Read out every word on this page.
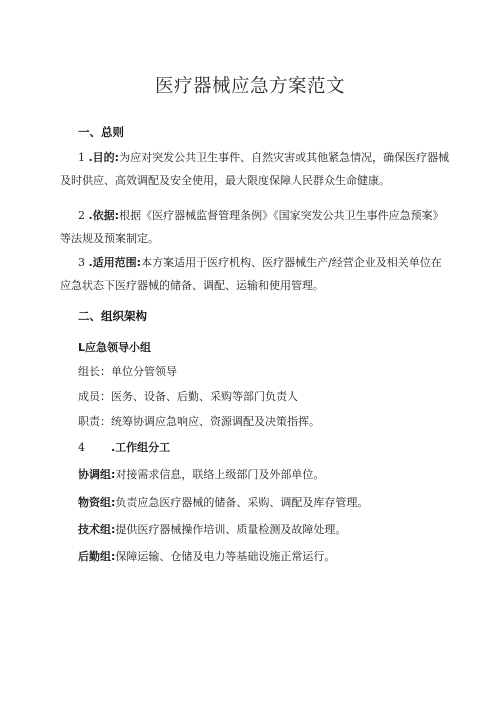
医疗器械应急方案范文
一、总则
1 .目的:为应对突发公共卫生事件、自然灾害或其他紧急情况，确保医疗器械及时供应、高效调配及安全使用，最大限度保障人民群众生命健康。
2 .依据:根据《医疗器械监督管理条例》《国家突发公共卫生事件应急预案》等法规及预案制定。
3 .适用范围:本方案适用于医疗机构、医疗器械生产/经营企业及相关单位在应急状态下医疗器械的储备、调配、运输和使用管理。
二、组织架构
L应急领导小组
组长：单位分管领导
成员：医务、设备、后勤、采购等部门负责人
职责：统筹协调应急响应、资源调配及决策指挥。
4 .工作组分工
协调组:对接需求信息，联络上级部门及外部单位。
物资组:负责应急医疗器械的储备、采购、调配及库存管理。
技术组:提供医疗器械操作培训、质量检测及故障处理。
后勤组:保障运输、仓储及电力等基础设施正常运行。
